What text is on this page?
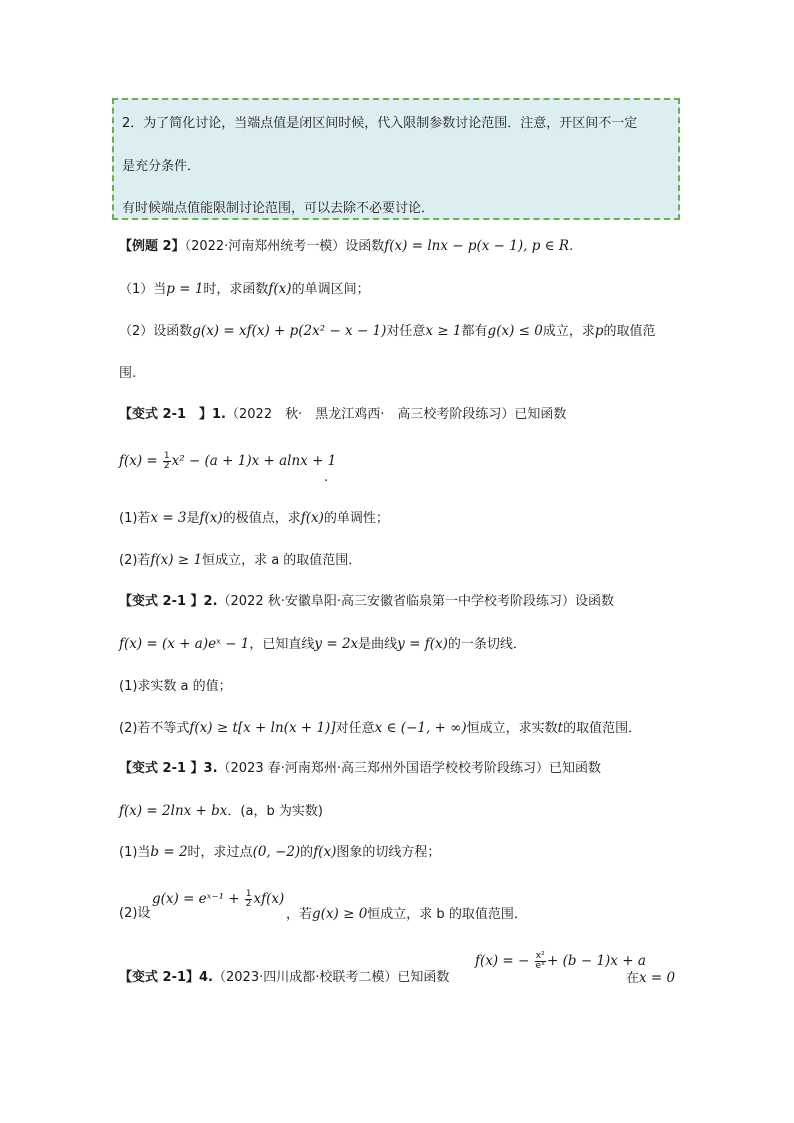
2．为了简化讨论，当端点值是闭区间时候，代入限制参数讨论范围．注意，开区间不一定
是充分条件．
有时候端点值能限制讨论范围，可以去除不必要讨论．
【例题 2】（2022·河南郑州统考一模）设函数f(x) = lnx − p(x − 1), p ∈ R.
（1）当p = 1时，求函数f(x)的单调区间；
（2）设函数g(x) = xf(x) + p(2x² − x − 1)对任意x ≥ 1都有g(x) ≤ 0成立，求p的取值范
围.
【变式 2-1　】1.（2022　秋·　黑龙江鸡西·　高三校考阶段练习）已知函数
$f(x) = \frac{1}{2} x^2 - (a + 1)x + alnx + 1$
.
(1)若x = 3是f(x)的极值点，求f(x)的单调性；
(2)若f(x) ≥ 1恒成立，求 a 的取值范围．
【变式 2-1 】2.（2022 秋·安徽阜阳·高三安徽省临泉第一中学校考阶段练习）设函数
f(x) = (x + a)eˣ − 1，已知直线y = 2x是曲线y = f(x)的一条切线．
(1)求实数 a 的值；
(2)若不等式f(x) ≥ t[x + ln(x + 1)]对任意x ∈ (−1, + ∞)恒成立，求实数t的取值范围．
【变式 2-1 】3.（2023 春·河南郑州·高三郑州外国语学校校考阶段练习）已知函数
f(x) = 2lnx + bx．(a，b 为实数)
(1)当b = 2时，求过点(0, −2)的f(x)图象的切线方程；
(2)设
g(x) = eˣ⁻¹ + $\frac{1}{2} xf(x)$
，若g(x) ≥ 0恒成立，求 b 的取值范围．
【变式 2-1】4.（2023·四川成都·校联考二模）已知函数
f(x) = − $\frac{\text{x²}}{\text{eˣ}} + (b - 1)x + a$
在x = 0
